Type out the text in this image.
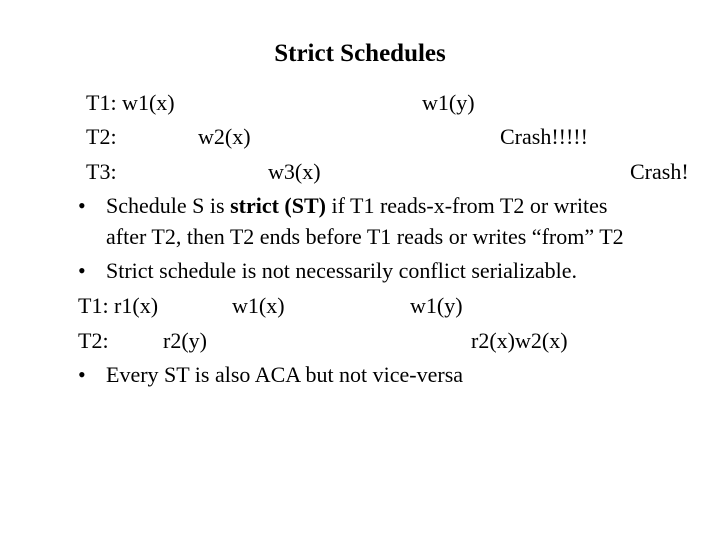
Strict Schedules
T1: w1(x)	w1(y)
T2:	w2(x)	Crash!!!!!
T3:	w3(x)	Crash!
• Schedule S is strict (ST) if T1 reads-x-from T2 or writes
after T2, then T2 ends before T1 reads or writes “from” T2
• Strict schedule is not necessarily conflict serializable.
T1: r1(x)	w1(x)	w1(y)
T2: r2(y)	r2(x)w2(x)
• Every ST is also ACA but not vice-versa
